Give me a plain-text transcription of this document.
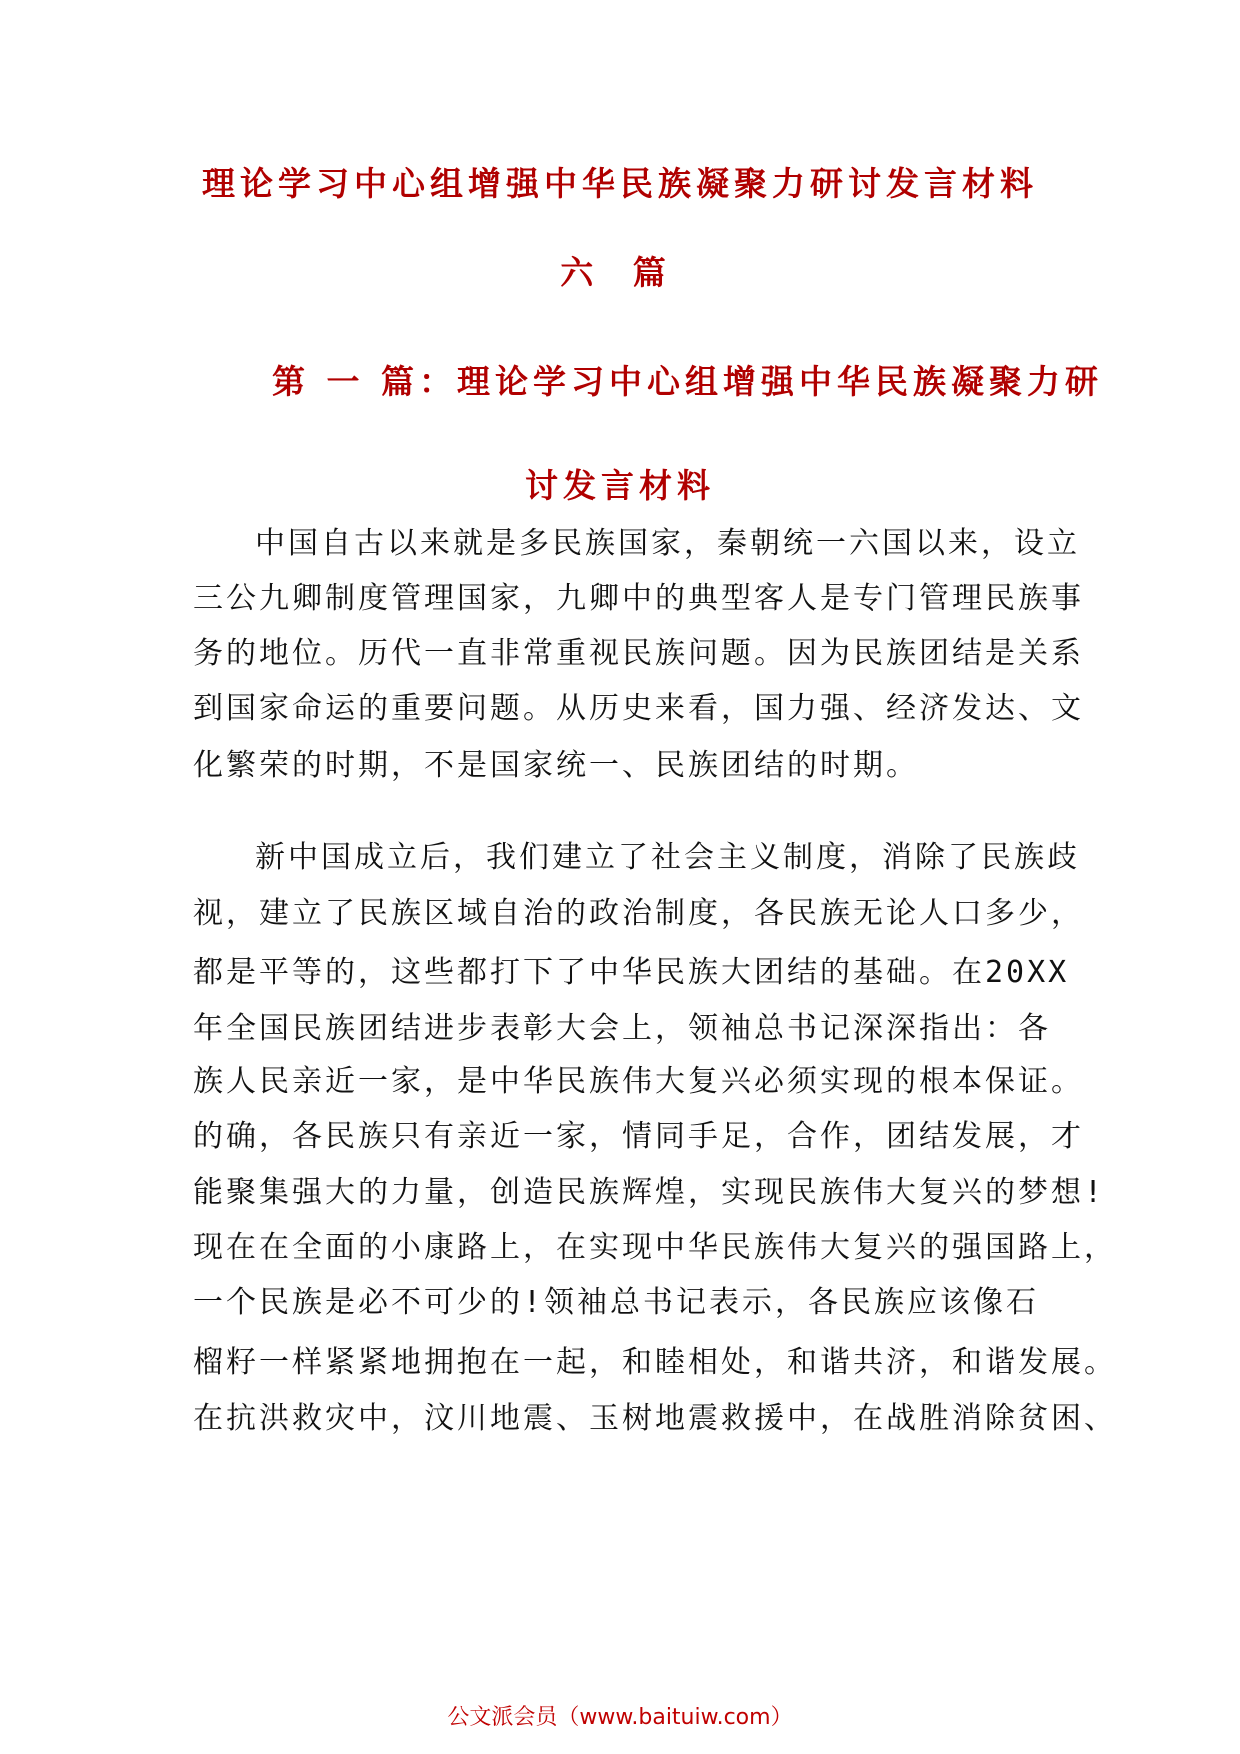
理论学习中心组增强中华民族凝聚力研讨发言材料
六 篇
第 一 篇：理论学习中心组增强中华民族凝聚力研
讨发言材料

中国自古以来就是多民族国家，秦朝统一六国以来，设立

三公九卿制度管理国家，九卿中的典型客人是专门管理民族事

务的地位。历代一直非常重视民族问题。因为民族团结是关系

到国家命运的重要问题。从历史来看，国力强、经济发达、文

化繁荣的时期，不是国家统一、民族团结的时期。

新中国成立后，我们建立了社会主义制度，消除了民族歧

视，建立了民族区域自治的政治制度，各民族无论人口多少，

都是平等的，这些都打下了中华民族大团结的基础。在20XX

年全国民族团结进步表彰大会上，领袖总书记深深指出：各

族人民亲近一家，是中华民族伟大复兴必须实现的根本保证。

的确，各民族只有亲近一家，情同手足，合作，团结发展，才

能聚集强大的力量，创造民族辉煌，实现民族伟大复兴的梦想!

现在在全面的小康路上，在实现中华民族伟大复兴的强国路上，

一个民族是必不可少的!领袖总书记表示，各民族应该像石

榴籽一样紧紧地拥抱在一起，和睦相处，和谐共济，和谐发展。

在抗洪救灾中，汶川地震、玉树地震救援中，在战胜消除贫困、

公文派会员（www.baituiw.com）
